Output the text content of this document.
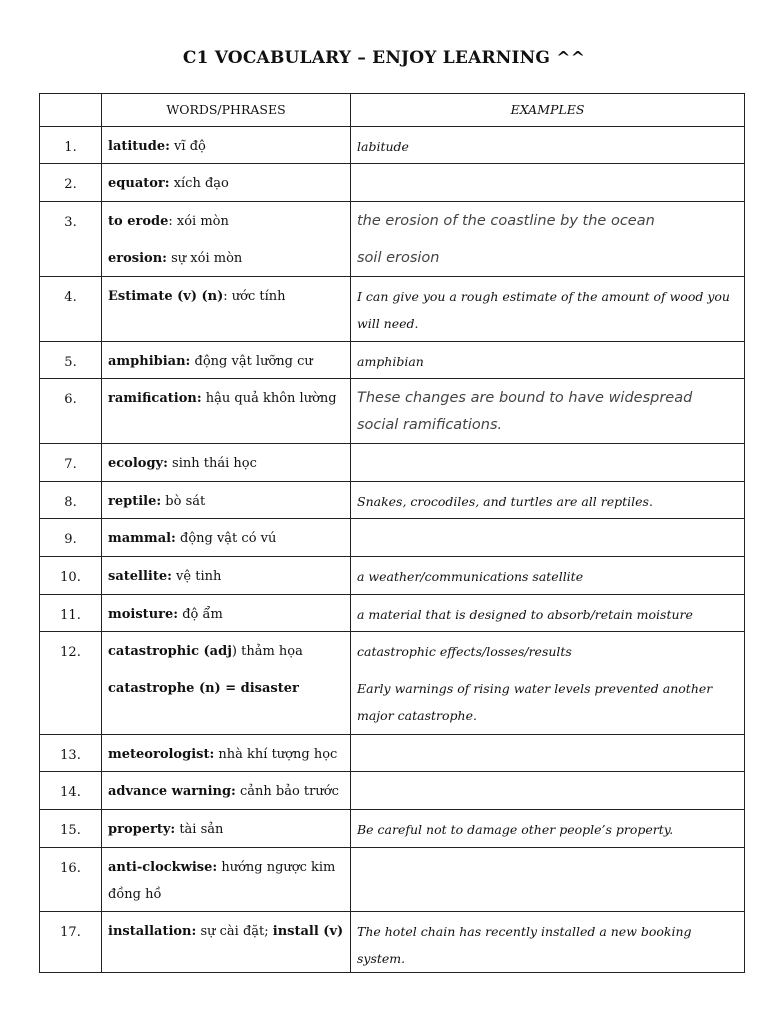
C1 VOCABULARY – ENJOY LEARNING ^^
	WORDS/PHRASES	EXAMPLES
1.	latitude: vĩ độ	labitude

2.	equator: xích đạo	

3.	to erode: xói mòn
erosion: sự xói mòn	the erosion of the coastline by the ocean
soil erosion

4.	Estimate (v) (n): ước tính	I can give you a rough estimate of the amount of wood you will need.

5.	amphibian: động vật lưỡng cư	amphibian

6.	ramification: hậu quả khôn lường	These changes are bound to have widespread social ramifications.

7.	ecology: sinh thái học	

8.	reptile: bò sát	Snakes, crocodiles, and turtles are all reptiles.

9.	mammal: động vật có vú	

10.	satellite: vệ tinh	a weather/communications satellite

11.	moisture: độ ẩm	a material that is designed to absorb/retain moisture

12.	catastrophic (adj) thảm họa
catastrophe (n) = disaster	catastrophic effects/losses/results
Early warnings of rising water levels prevented another major catastrophe.

13.	meteorologist: nhà khí tượng học	

14.	advance warning: cảnh bảo trước	

15.	property: tài sản	Be careful not to damage other people’s property.

16.	anti-clockwise: hướng ngược kim đồng hồ	

17.	installation: sự cài đặt; install (v)	The hotel chain has recently installed a new booking system.
